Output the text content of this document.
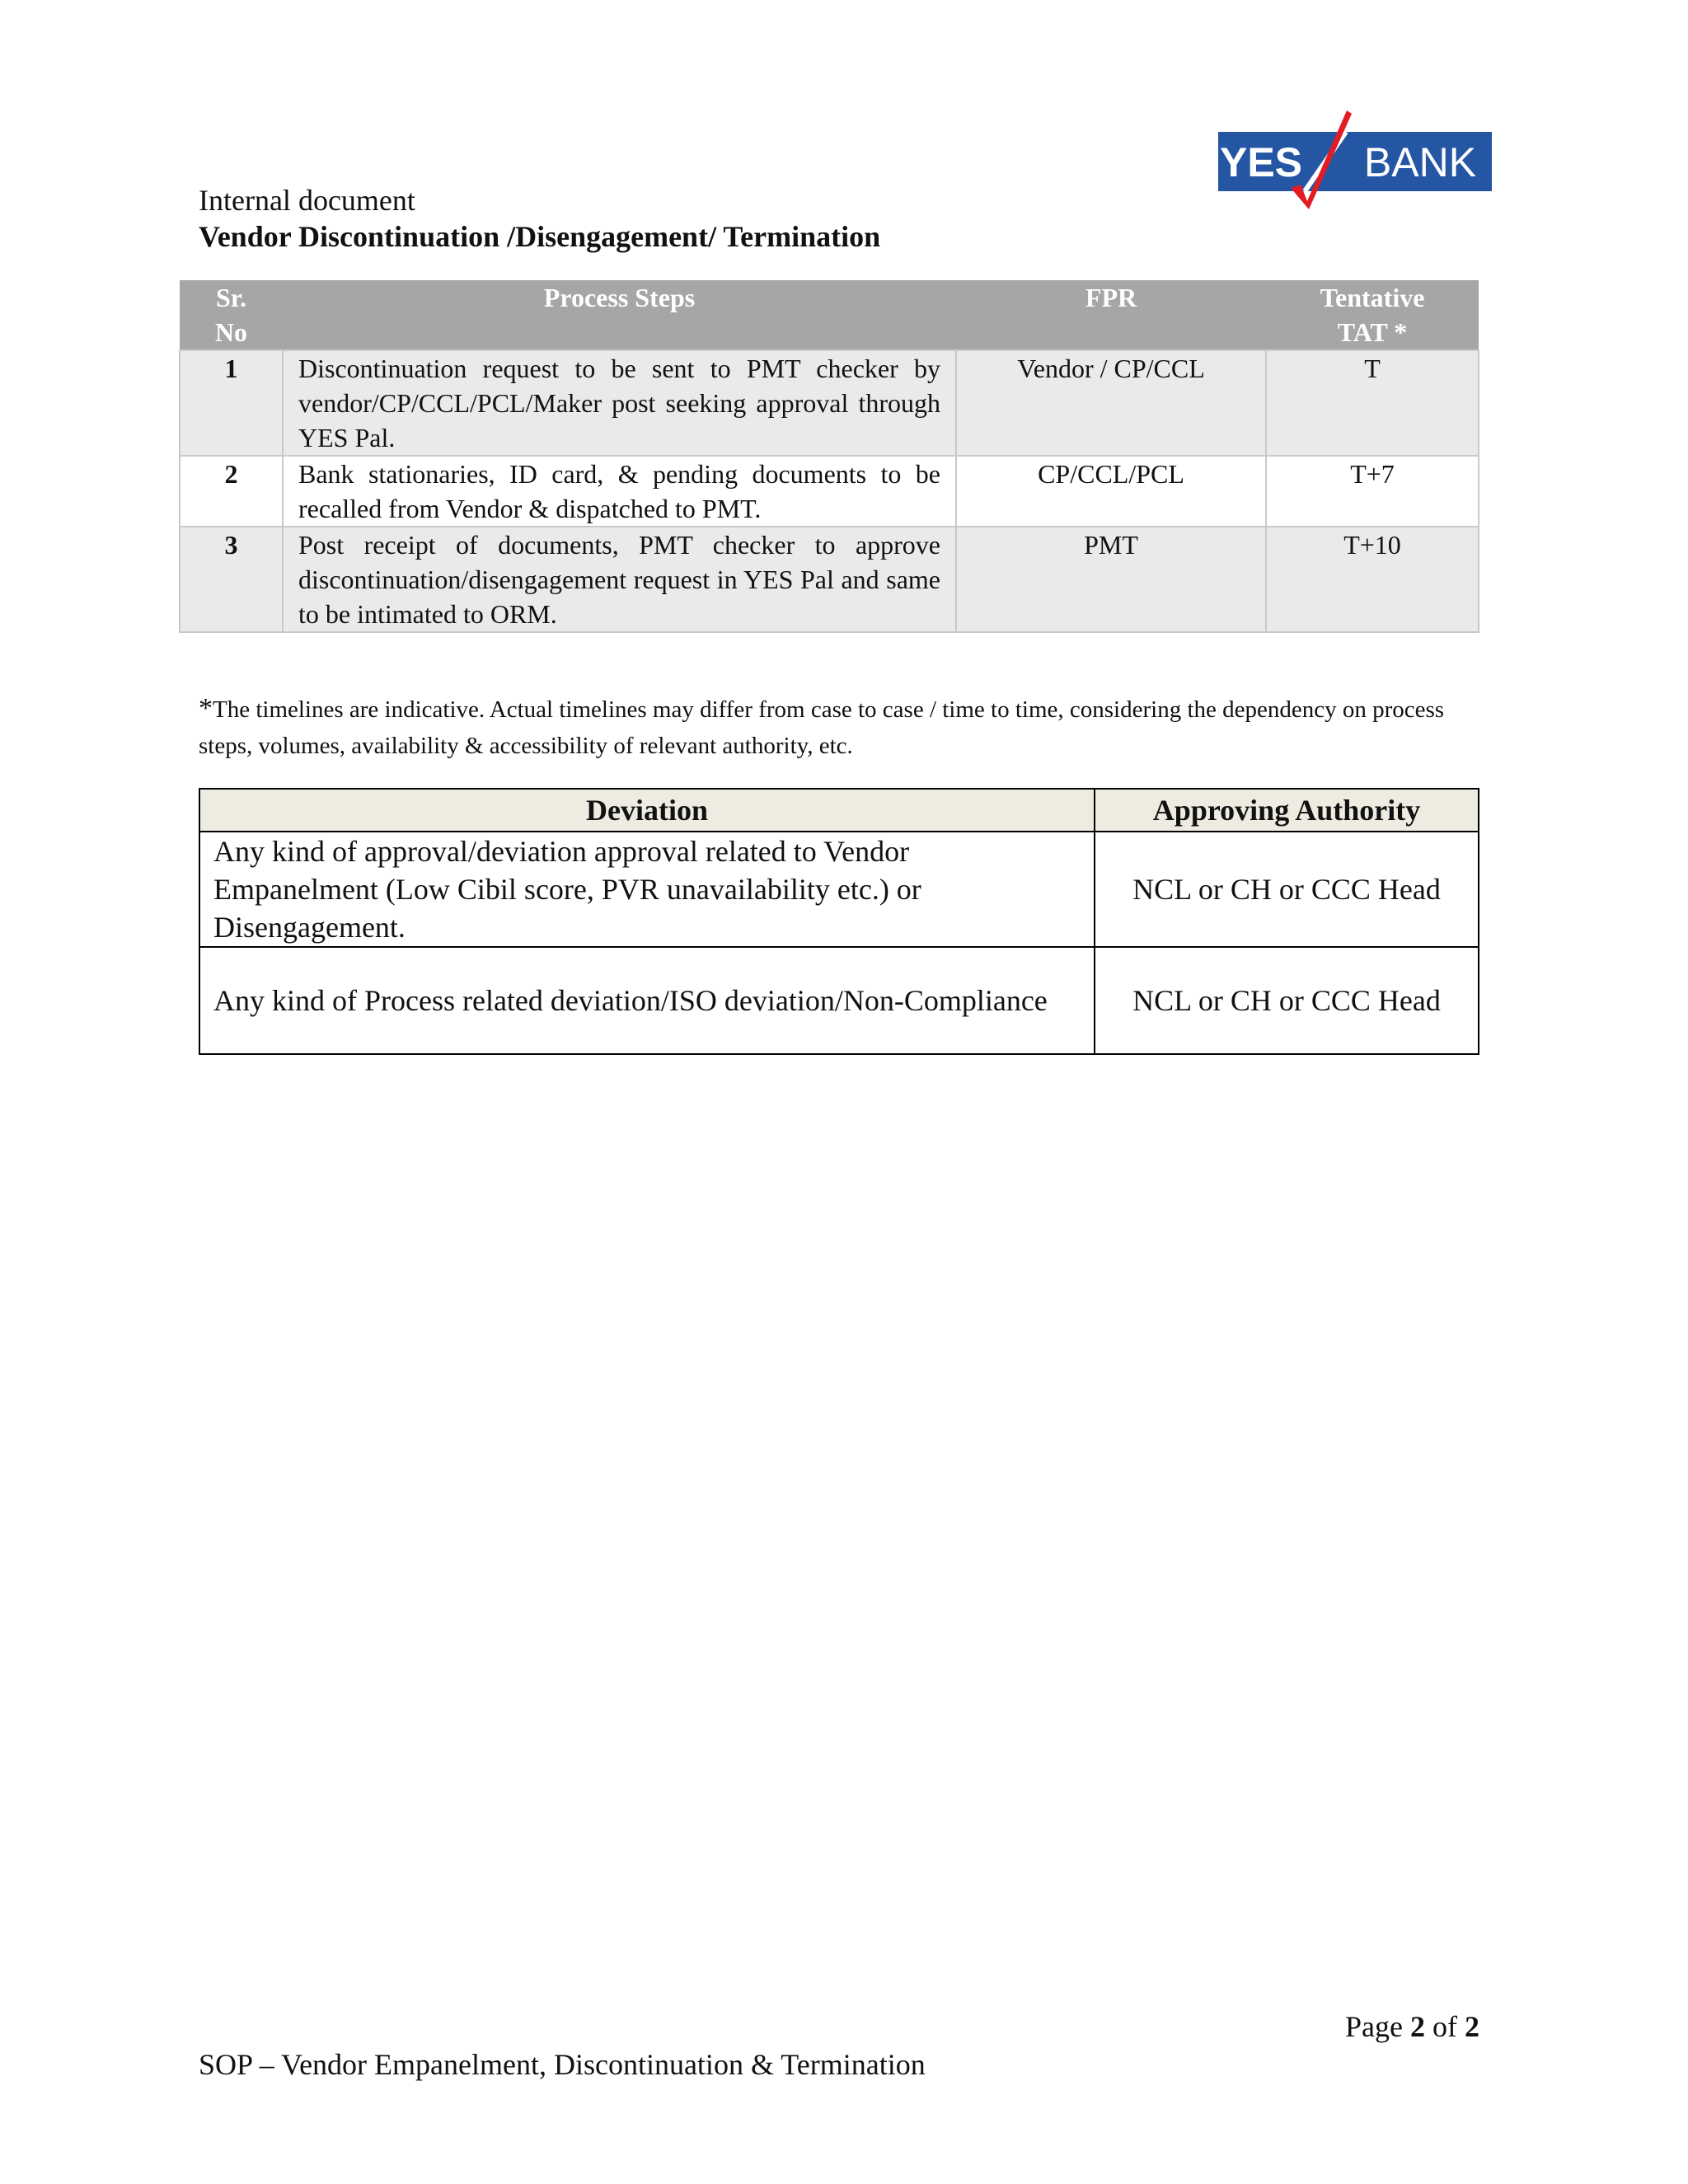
YES BANK
Internal document
Vendor Discontinuation /Disengagement/ Termination
Sr. No	Process Steps	FPR	Tentative TAT *
1	Discontinuation request to be sent to PMT checker by vendor/CP/CCL/PCL/Maker post seeking approval through YES Pal.	Vendor / CP/CCL	T
2	Bank stationaries, ID card, & pending documents to be recalled from Vendor & dispatched to PMT.	CP/CCL/PCL	T+7
3	Post receipt of documents, PMT checker to approve discontinuation/disengagement request in YES Pal and same to be intimated to ORM.	PMT	T+10
*The timelines are indicative. Actual timelines may differ from case to case / time to time, considering the dependency on process steps, volumes, availability & accessibility of relevant authority, etc.
Deviation	Approving Authority
Any kind of approval/deviation approval related to Vendor Empanelment (Low Cibil score, PVR unavailability etc.) or Disengagement.	NCL or CH or CCC Head
Any kind of Process related deviation/ISO deviation/Non-Compliance	NCL or CH or CCC Head
Page 2 of 2
SOP – Vendor Empanelment, Discontinuation & Termination
